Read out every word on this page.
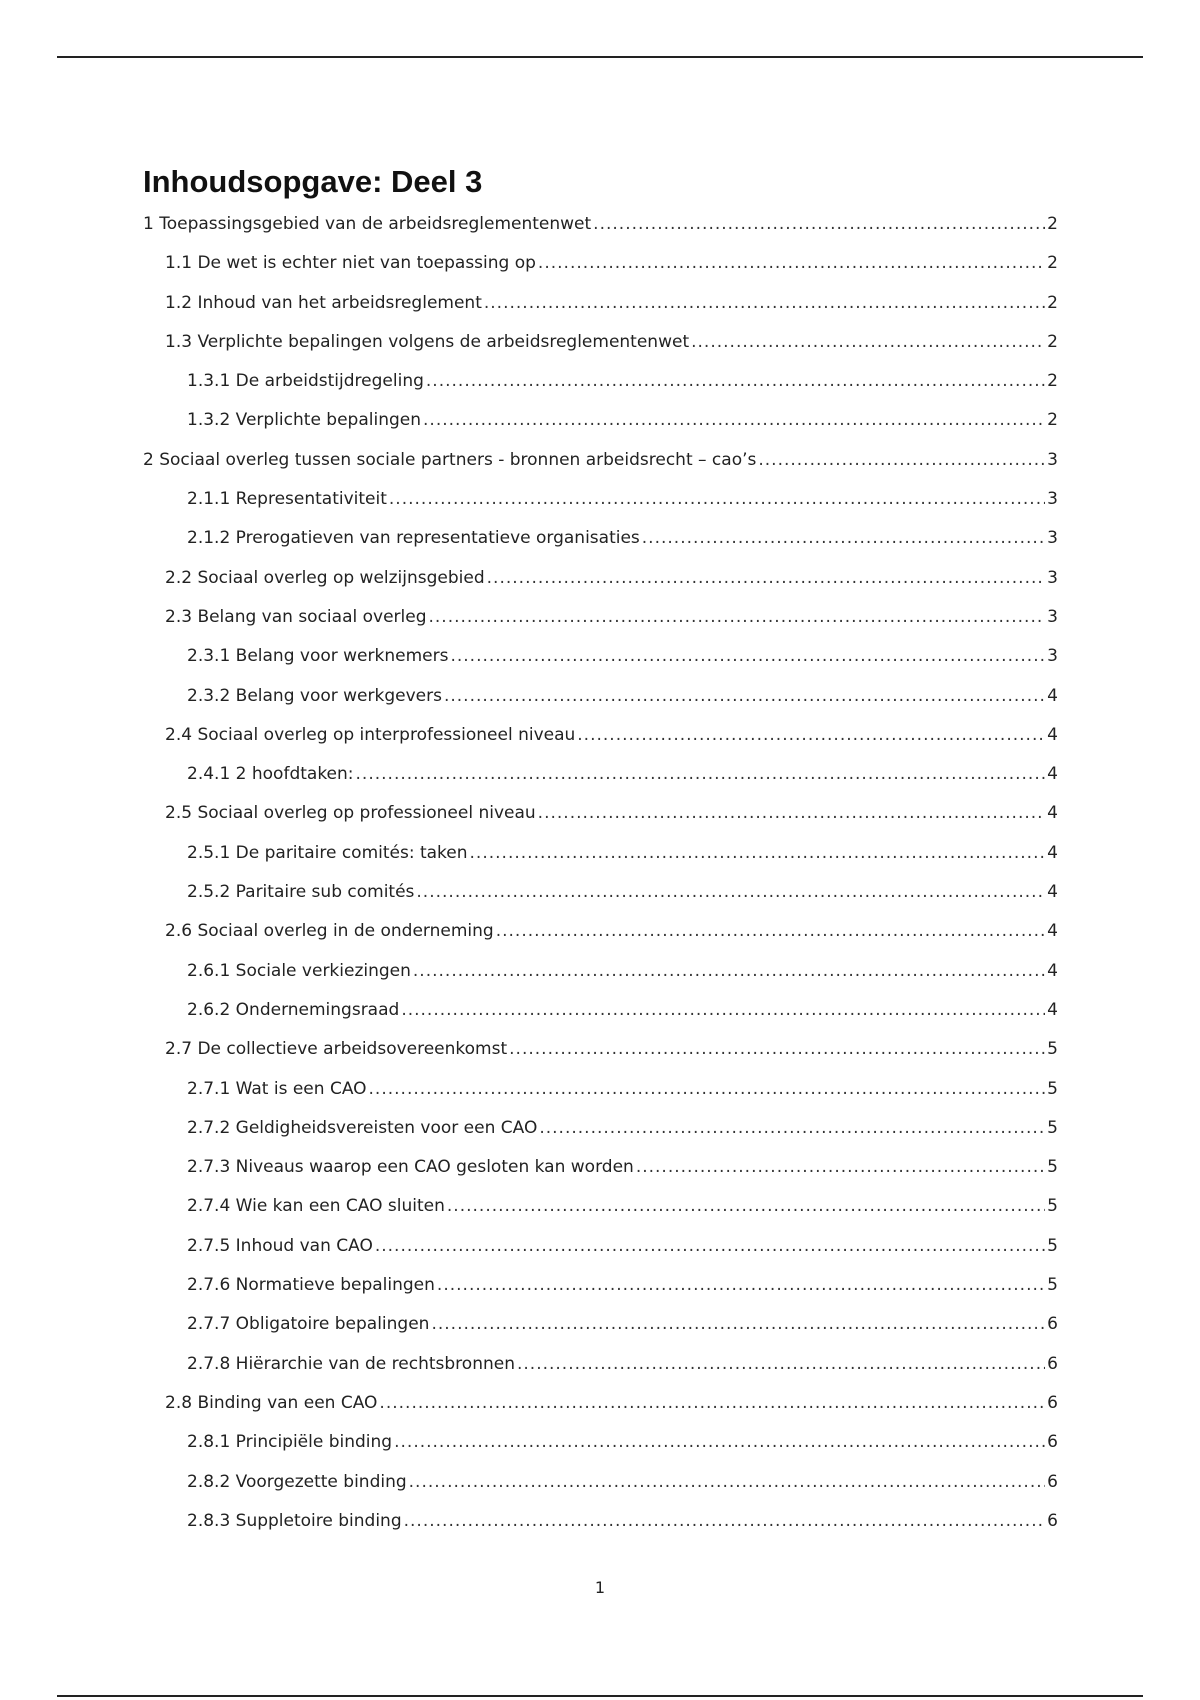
Inhoudsopgave: Deel 3
1 Toepassingsgebied van de arbeidsreglementenwet .....	2
1.1 De wet is echter niet van toepassing op .....	2
1.2 Inhoud van het arbeidsreglement .....	2
1.3 Verplichte bepalingen volgens de arbeidsreglementenwet .....	2
1.3.1 De arbeidstijdregeling .....	2
1.3.2 Verplichte bepalingen .....	2
2 Sociaal overleg tussen sociale partners - bronnen arbeidsrecht – cao’s .....	3
2.1.1 Representativiteit .....	3
2.1.2 Prerogatieven van representatieve organisaties .....	3
2.2 Sociaal overleg op welzijnsgebied .....	3
2.3 Belang van sociaal overleg .....	3
2.3.1 Belang voor werknemers .....	3
2.3.2 Belang voor werkgevers .....	4
2.4 Sociaal overleg op interprofessioneel niveau .....	4
2.4.1 2 hoofdtaken: .....	4
2.5 Sociaal overleg op professioneel niveau .....	4
2.5.1 De paritaire comités: taken .....	4
2.5.2 Paritaire sub comités .....	4
2.6 Sociaal overleg in de onderneming .....	4
2.6.1 Sociale verkiezingen .....	4
2.6.2 Ondernemingsraad .....	4
2.7 De collectieve arbeidsovereenkomst .....	5
2.7.1 Wat is een CAO .....	5
2.7.2 Geldigheidsvereisten voor een CAO .....	5
2.7.3 Niveaus waarop een CAO gesloten kan worden .....	5
2.7.4 Wie kan een CAO sluiten .....	5
2.7.5 Inhoud van CAO .....	5
2.7.6 Normatieve bepalingen .....	5
2.7.7 Obligatoire bepalingen .....	6
2.7.8 Hiërarchie van de rechtsbronnen .....	6
2.8 Binding van een CAO .....	6
2.8.1 Principiële binding .....	6
2.8.2 Voorgezette binding .....	6
2.8.3 Suppletoire binding .....	6
1
